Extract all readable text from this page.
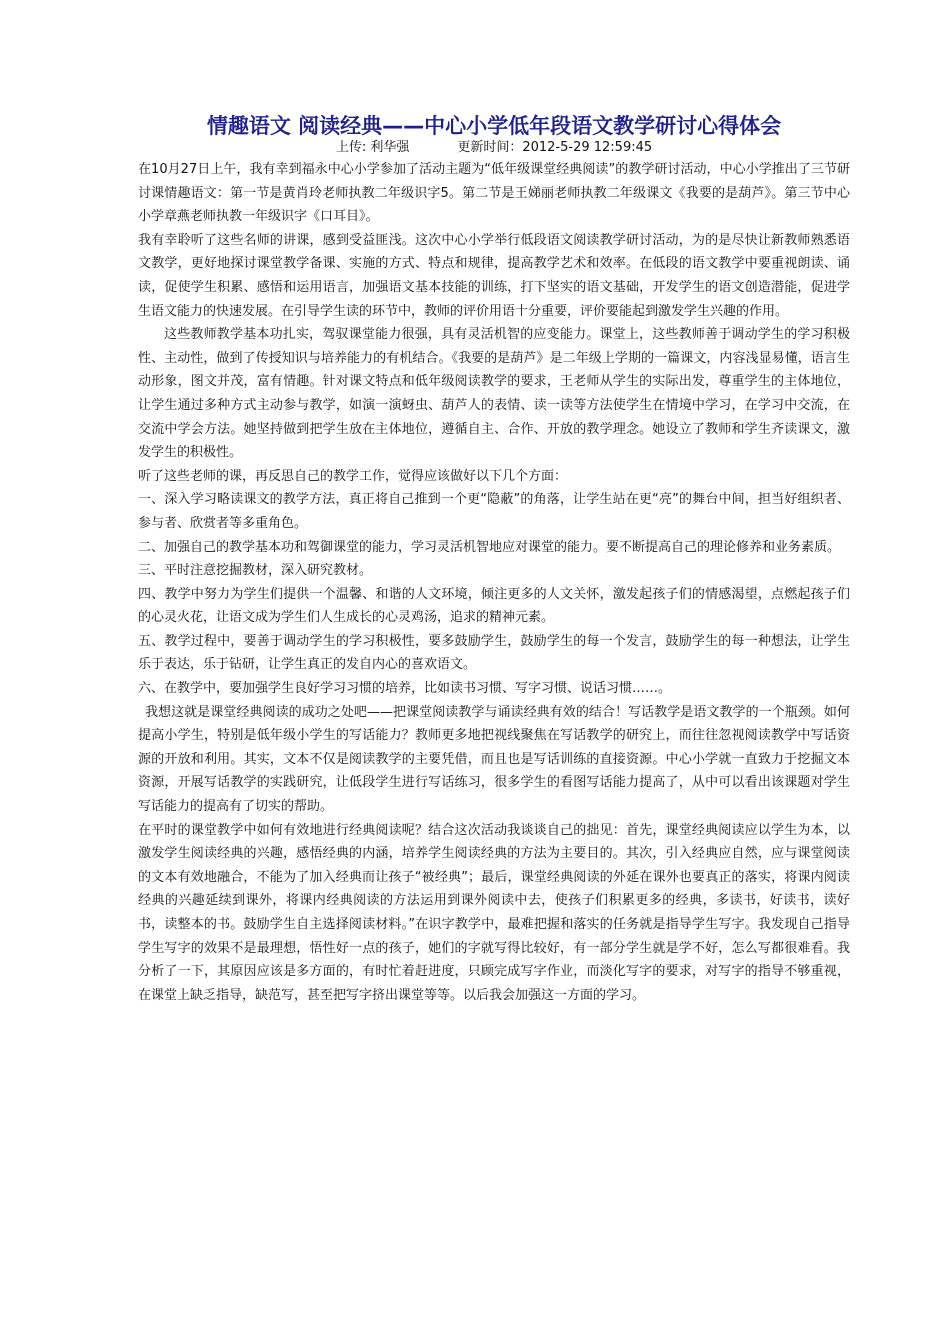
情趣语文 阅读经典——中心小学低年段语文教学研讨心得体会
上传: 利华强	更新时间：2012-5-29 12:59:45

在10月27日上午，我有幸到福永中心小学参加了活动主题为“低年级课堂经典阅读”的教学研讨活动，中心小学推出了三节研讨课情趣语文：第一节是黄肖玲老师执教二年级识字5。第二节是王娣丽老师执教二年级课文《我要的是葫芦》。第三节中心小学章燕老师执教一年级识字《口耳目》。

我有幸聆听了这些名师的讲课，感到受益匪浅。这次中心小学举行低段语文阅读教学研讨活动，为的是尽快让新教师熟悉语文教学，更好地探讨课堂教学备课、实施的方式、特点和规律，提高教学艺术和效率。在低段的语文教学中要重视朗读、诵读，促使学生积累、感悟和运用语言，加强语文基本技能的训练，打下坚实的语文基础，开发学生的语文创造潜能，促进学生语文能力的快速发展。在引导学生读的环节中，教师的评价用语十分重要，评价要能起到激发学生兴趣的作用。

这些教师教学基本功扎实，驾驭课堂能力很强，具有灵活机智的应变能力。课堂上，这些教师善于调动学生的学习积极性、主动性，做到了传授知识与培养能力的有机结合。《我要的是葫芦》是二年级上学期的一篇课文，内容浅显易懂，语言生动形象，图文并茂，富有情趣。针对课文特点和低年级阅读教学的要求，王老师从学生的实际出发，尊重学生的主体地位，让学生通过多种方式主动参与教学，如演一演蚜虫、葫芦人的表情、读一读等方法使学生在情境中学习，在学习中交流，在交流中学会方法。她坚持做到把学生放在主体地位，遵循自主、合作、开放的教学理念。她设立了教师和学生齐读课文，激发学生的积极性。

听了这些老师的课，再反思自己的教学工作，觉得应该做好以下几个方面：

一、深入学习略读课文的教学方法，真正将自己推到一个更“隐蔽”的角落，让学生站在更“亮”的舞台中间，担当好组织者、参与者、欣赏者等多重角色。

二、加强自己的教学基本功和驾御课堂的能力，学习灵活机智地应对课堂的能力。要不断提高自己的理论修养和业务素质。

三、平时注意挖掘教材，深入研究教材。

四、教学中努力为学生们提供一个温馨、和谐的人文环境，倾注更多的人文关怀，激发起孩子们的情感渴望，点燃起孩子们的心灵火花，让语文成为学生们人生成长的心灵鸡汤，追求的精神元素。

五、教学过程中，要善于调动学生的学习积极性，要多鼓励学生，鼓励学生的每一个发言，鼓励学生的每一种想法，让学生乐于表达，乐于钻研，让学生真正的发自内心的喜欢语文。

六、在教学中，要加强学生良好学习习惯的培养，比如读书习惯、写字习惯、说话习惯……。

我想这就是课堂经典阅读的成功之处吧——把课堂阅读教学与诵读经典有效的结合！写话教学是语文教学的一个瓶颈。如何提高小学生，特别是低年级小学生的写话能力？教师更多地把视线聚焦在写话教学的研究上，而往往忽视阅读教学中写话资源的开放和利用。其实，文本不仅是阅读教学的主要凭借，而且也是写话训练的直接资源。中心小学就一直致力于挖掘文本资源，开展写话教学的实践研究，让低段学生进行写话练习，很多学生的看图写话能力提高了，从中可以看出该课题对学生写话能力的提高有了切实的帮助。

在平时的课堂教学中如何有效地进行经典阅读呢？结合这次活动我谈谈自己的拙见：首先，课堂经典阅读应以学生为本，以激发学生阅读经典的兴趣，感悟经典的内涵，培养学生阅读经典的方法为主要目的。其次，引入经典应自然，应与课堂阅读的文本有效地融合，不能为了加入经典而让孩子“被经典”；最后，课堂经典阅读的外延在课外也要真正的落实，将课内阅读经典的兴趣延续到课外，将课内经典阅读的方法运用到课外阅读中去，使孩子们积累更多的经典，多读书，好读书，读好书，读整本的书。鼓励学生自主选择阅读材料。”在识字教学中，最难把握和落实的任务就是指导学生写字。我发现自己指导学生写字的效果不是最理想，悟性好一点的孩子，她们的字就写得比较好，有一部分学生就是学不好，怎么写都很难看。我分析了一下，其原因应该是多方面的，有时忙着赶进度，只顾完成写字作业，而淡化写字的要求，对写字的指导不够重视，在课堂上缺乏指导，缺范写，甚至把写字挤出课堂等等。以后我会加强这一方面的学习。
